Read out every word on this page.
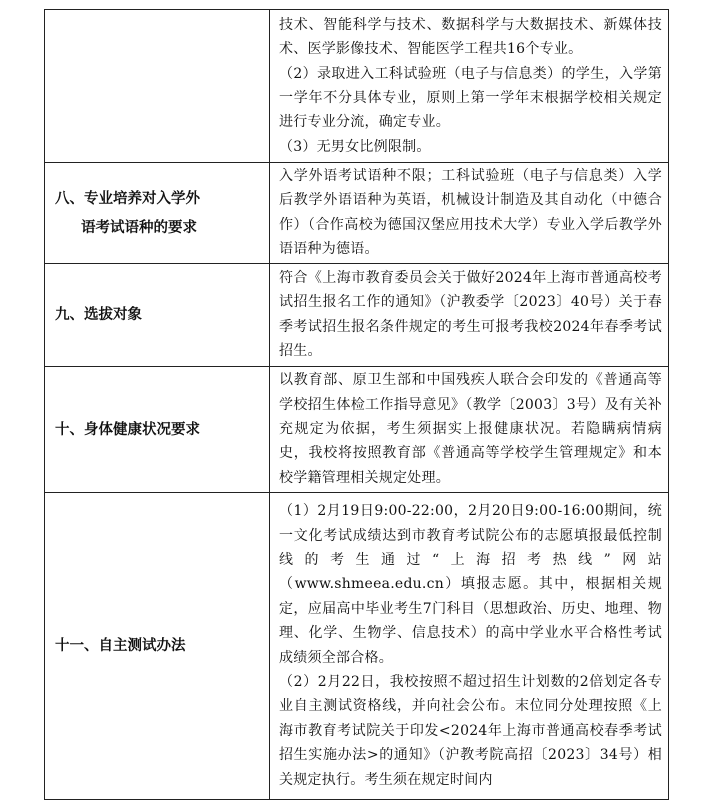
	技术、智能科学与技术、数据科学与大数据技术、新媒体技术、医学影像技术、智能医学工程共16个专业。

（2）录取进入工科试验班（电子与信息类）的学生，入学第一学年不分具体专业，原则上第一学年末根据学校相关规定进行专业分流，确定专业。

（3）无男女比例限制。

八、专业培养对入学外
语考试语种的要求	入学外语考试语种不限；工科试验班（电子与信息类）入学后教学外语语种为英语，机械设计制造及其自动化（中德合作）（合作高校为德国汉堡应用技术大学）专业入学后教学外语语种为德语。

九、选拔对象	符合《上海市教育委员会关于做好2024年上海市普通高校考试招生报名工作的通知》（沪教委学〔2023〕40号）关于春季考试招生报名条件规定的考生可报考我校2024年春季考试招生。

十、身体健康状况要求	以教育部、原卫生部和中国残疾人联合会印发的《普通高等学校招生体检工作指导意见》（教学〔2003〕3号）及有关补充规定为依据，考生须据实上报健康状况。若隐瞒病情病史，我校将按照教育部《普通高等学校学生管理规定》和本校学籍管理相关规定处理。

十一、自主测试办法	（1）2月19日9:00-22:00，2月20日9:00-16:00期间，统一文化考试成绩达到市教育考试院公布的志愿填报最低控制线的考生通过“上海招考热线”网站（www.shmeea.edu.cn）填报志愿。其中，根据相关规定，应届高中毕业考生7门科目（思想政治、历史、地理、物理、化学、生物学、信息技术）的高中学业水平合格性考试成绩须全部合格。

（2）2月22日，我校按照不超过招生计划数的2倍划定各专业自主测试资格线，并向社会公布。末位同分处理按照《上海市教育考试院关于印发<2024年上海市普通高校春季考试招生实施办法>的通知》（沪教考院高招〔2023〕34号）相关规定执行。考生须在规定时间内
